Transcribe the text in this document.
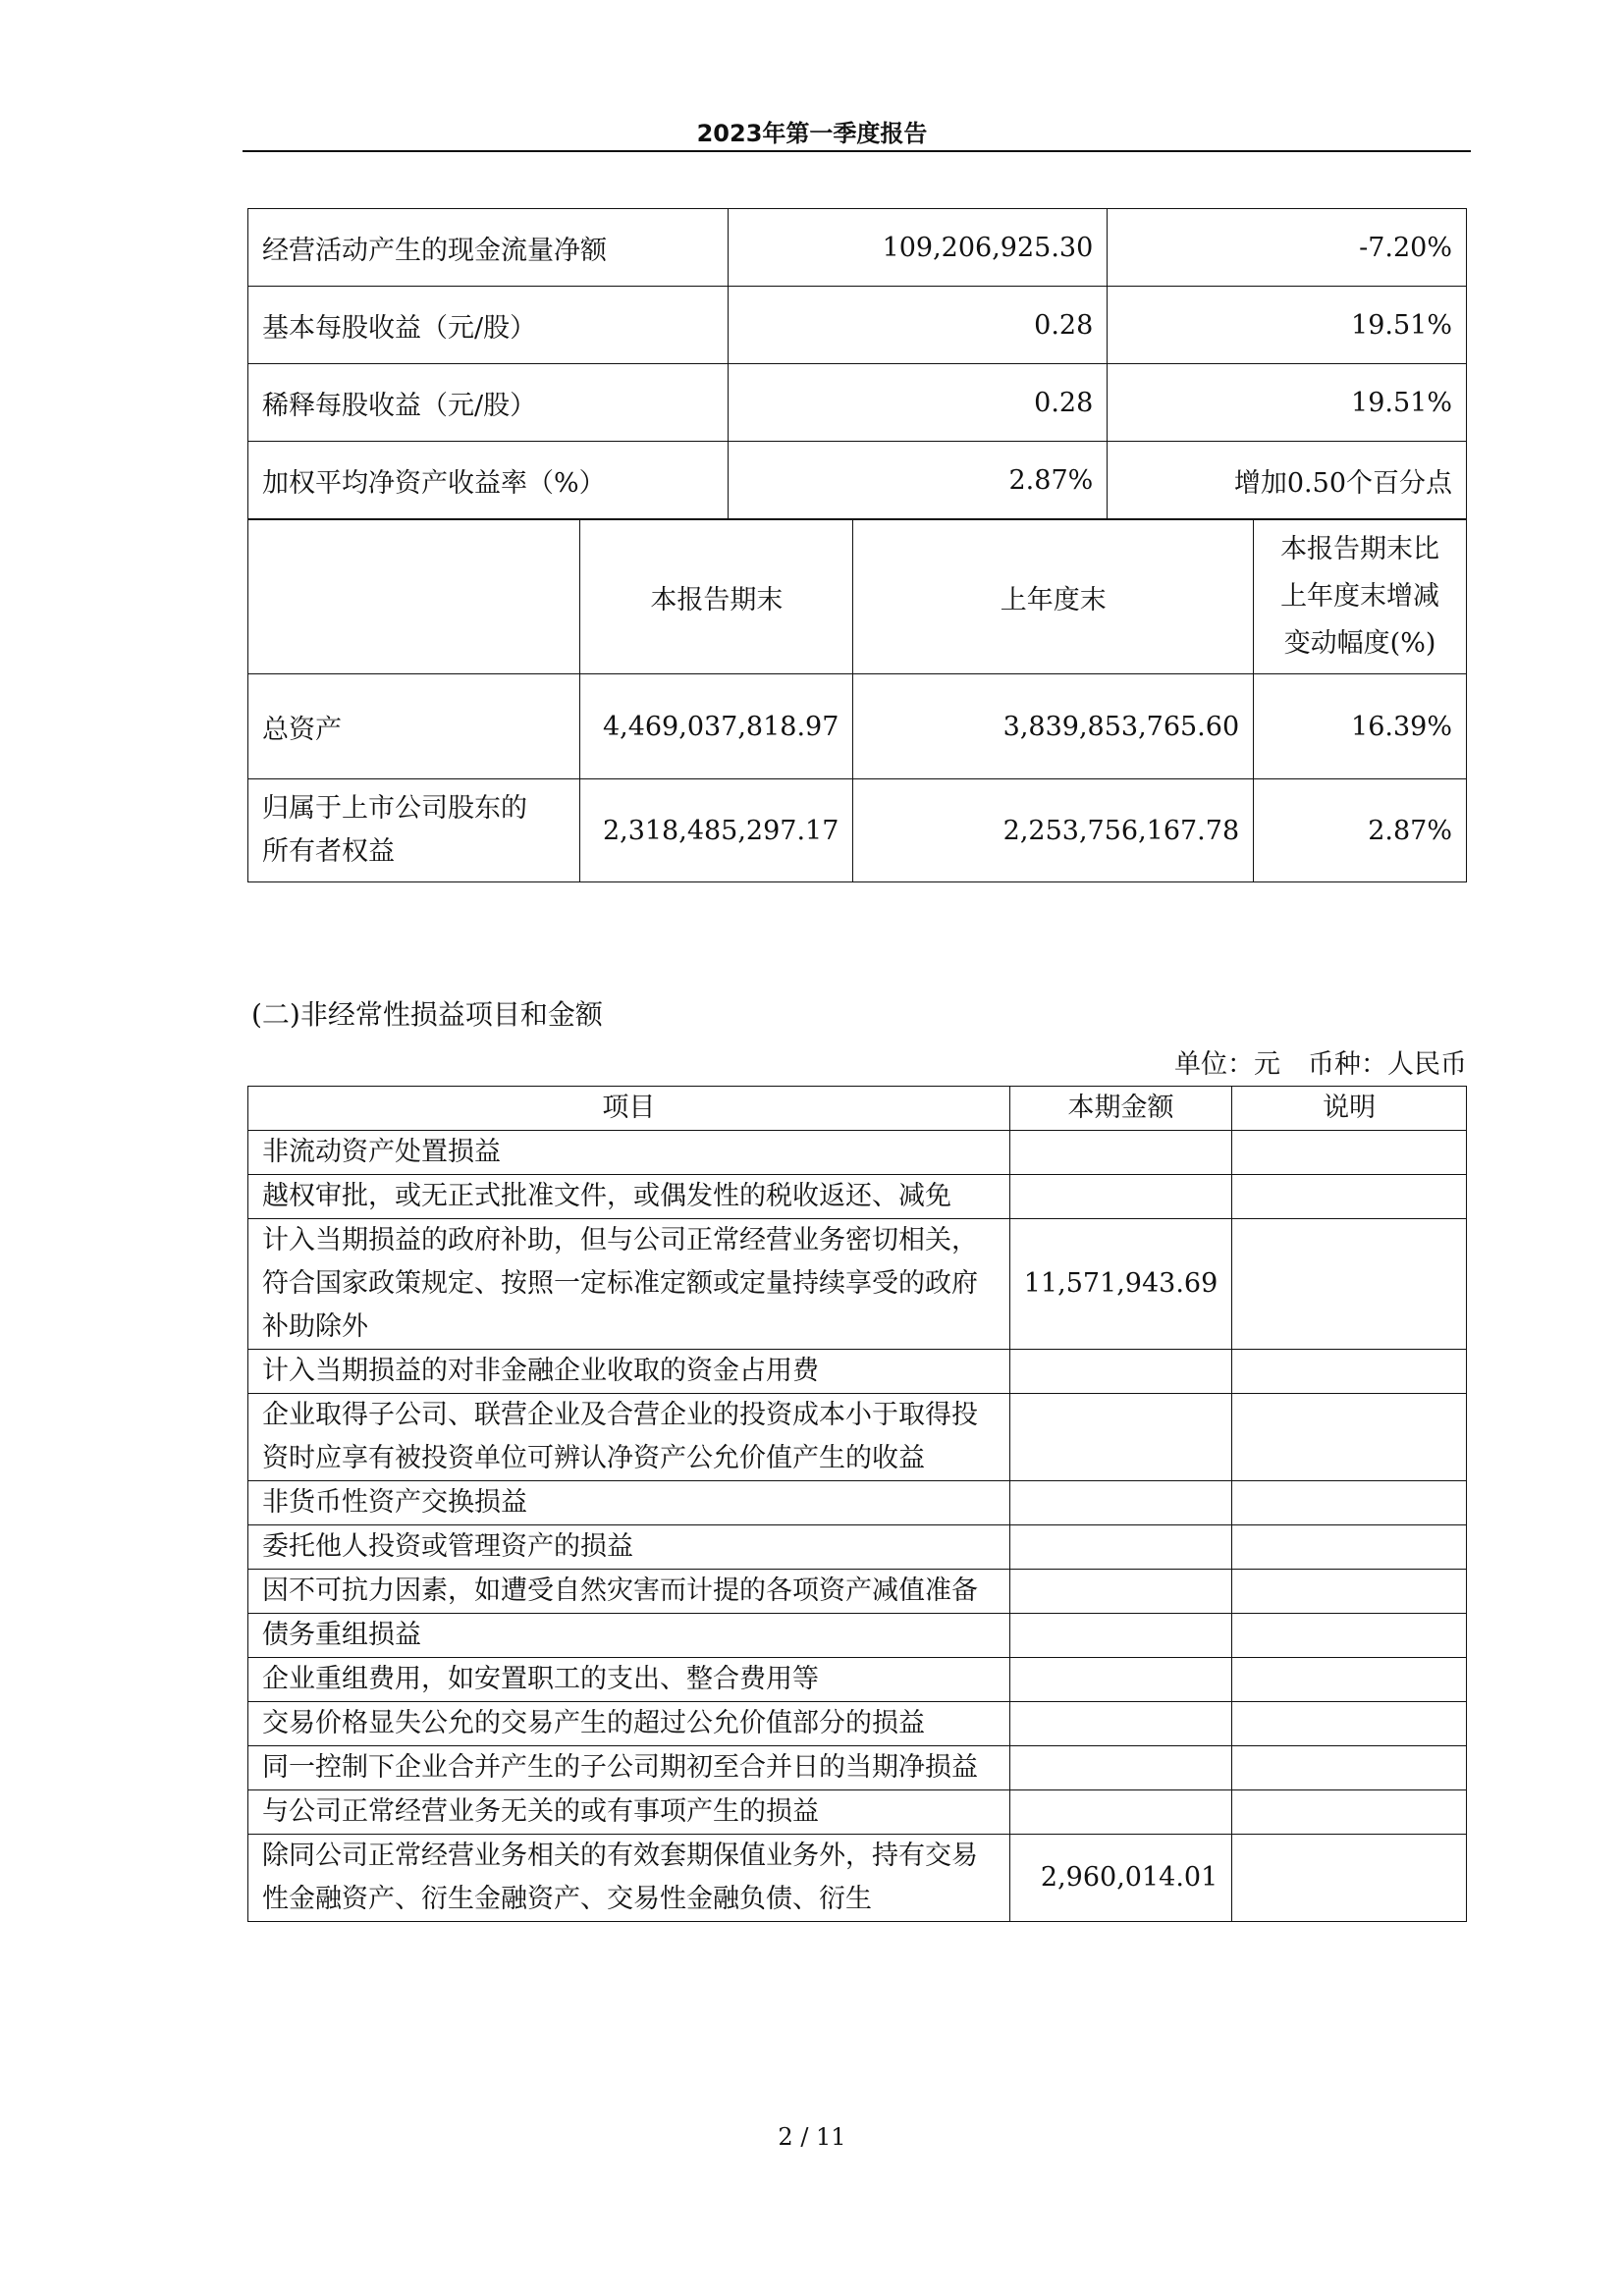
2023年第一季度报告
经营活动产生的现金流量净额	109,206,925.30	-7.20%
基本每股收益（元/股）	0.28	19.51%
稀释每股收益（元/股）	0.28	19.51%
加权平均净资产收益率（%）	2.87%	增加0.50个百分点
	本报告期末	上年度末	本报告期末比
上年度末增减
变动幅度(%)

总资产	4,469,037,818.97	3,839,853,765.60	16.39%

归属于上市公司股东的
所有者权益	2,318,485,297.17	2,253,756,167.78	2.87%
(二)非经常性损益项目和金额
单位：元 币种：人民币
项目	本期金额	说明
非流动资产处置损益		
越权审批，或无正式批准文件，或偶发性的税收返还、减免		
计入当期损益的政府补助，但与公司正常经营业务密切相关，符合国家政策规定、按照一定标准定额或定量持续享受的政府补助除外	11,571,943.69	
计入当期损益的对非金融企业收取的资金占用费		
企业取得子公司、联营企业及合营企业的投资成本小于取得投资时应享有被投资单位可辨认净资产公允价值产生的收益		
非货币性资产交换损益		
委托他人投资或管理资产的损益		
因不可抗力因素，如遭受自然灾害而计提的各项资产减值准备		
债务重组损益		
企业重组费用，如安置职工的支出、整合费用等		
交易价格显失公允的交易产生的超过公允价值部分的损益		
同一控制下企业合并产生的子公司期初至合并日的当期净损益		
与公司正常经营业务无关的或有事项产生的损益		
除同公司正常经营业务相关的有效套期保值业务外，持有交易性金融资产、衍生金融资产、交易性金融负债、衍生	2,960,014.01	
2 / 11
